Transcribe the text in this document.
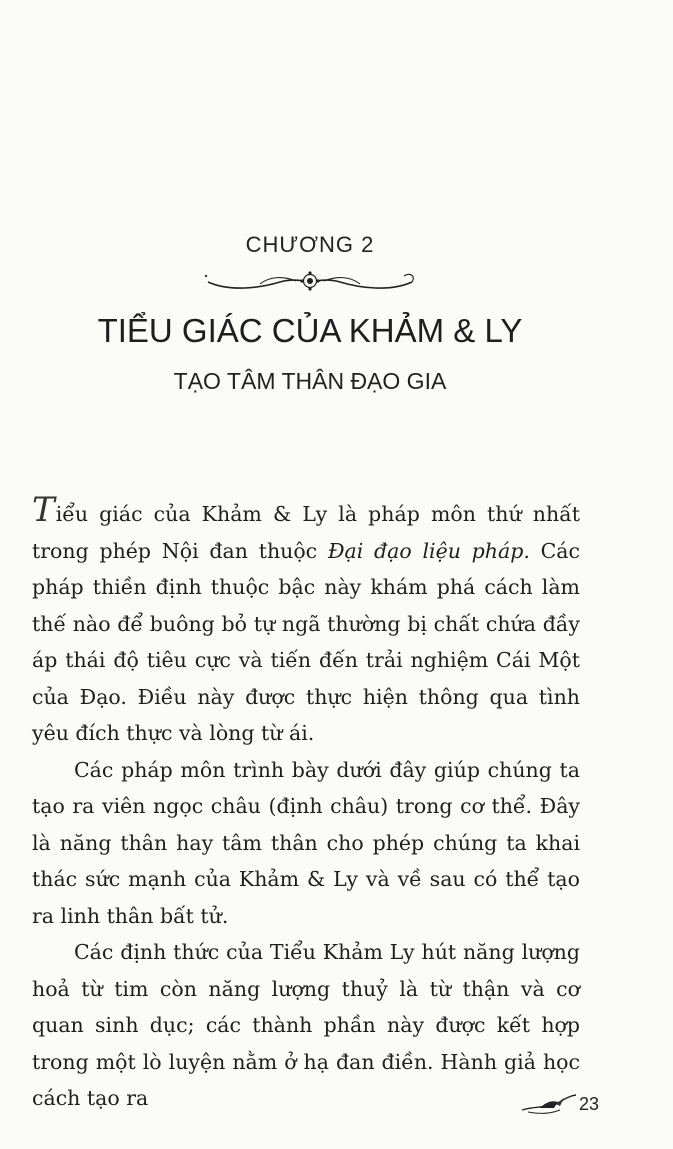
CHƯƠNG 2
TIỂU GIÁC CỦA KHẢM & LY
TẠO TÂM THÂN ĐẠO GIA

Tiểu giác của Khảm & Ly là pháp môn thứ nhất trong phép Nội đan thuộc Đại đạo liệu pháp. Các pháp thiền định thuộc bậc này khám phá cách làm thế nào để buông bỏ tự ngã thường bị chất chứa đầy áp thái độ tiêu cực và tiến đến trải nghiệm Cái Một của Đạo. Điều này được thực hiện thông qua tình yêu đích thực và lòng từ ái.

Các pháp môn trình bày dưới đây giúp chúng ta tạo ra viên ngọc châu (định châu) trong cơ thể. Đây là năng thân hay tâm thân cho phép chúng ta khai thác sức mạnh của Khảm & Ly và về sau có thể tạo ra linh thân bất tử.

Các định thức của Tiểu Khảm Ly hút năng lượng hoả từ tim còn năng lượng thuỷ là từ thận và cơ quan sinh dục; các thành phần này được kết hợp trong một lò luyện nằm ở hạ đan điền. Hành giả học cách tạo ra	23
